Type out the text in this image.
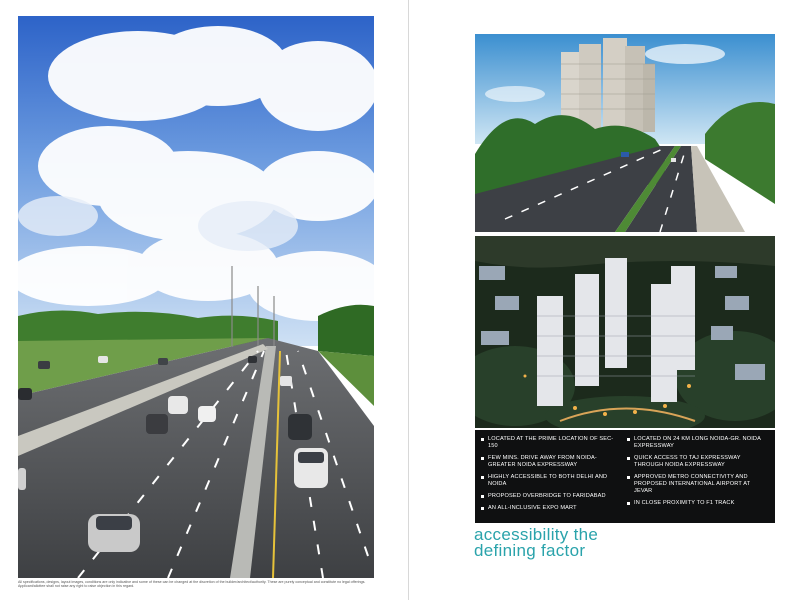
All specifications, designs, layout images, conditions are only indicative and some of these can be changed at the discretion of the builder/architect/authority. These are purely conceptual and constitute no legal offerings. Applicant/allottee shall not raise any right to raise objection in this regard.
LOCATED AT THE PRIME LOCATION OF SEC-150
FEW MINS. DRIVE AWAY FROM NOIDA-GREATER NOIDA EXPRESSWAY
HIGHLY ACCESSIBLE TO BOTH DELHI AND NOIDA
PROPOSED OVERBRIDGE TO FARIDABAD
AN ALL-INCLUSIVE EXPO MART
LOCATED ON 24 KM LONG NOIDA-GR. NOIDA EXPRESSWAY
QUICK ACCESS TO TAJ EXPRESSWAY THROUGH NOIDA EXPRESSWAY
APPROVED METRO CONNECTIVITY AND PROPOSED INTERNATIONAL AIRPORT AT JEVAR
IN CLOSE PROXIMITY TO F1 TRACK
accessibility the
defining factor
